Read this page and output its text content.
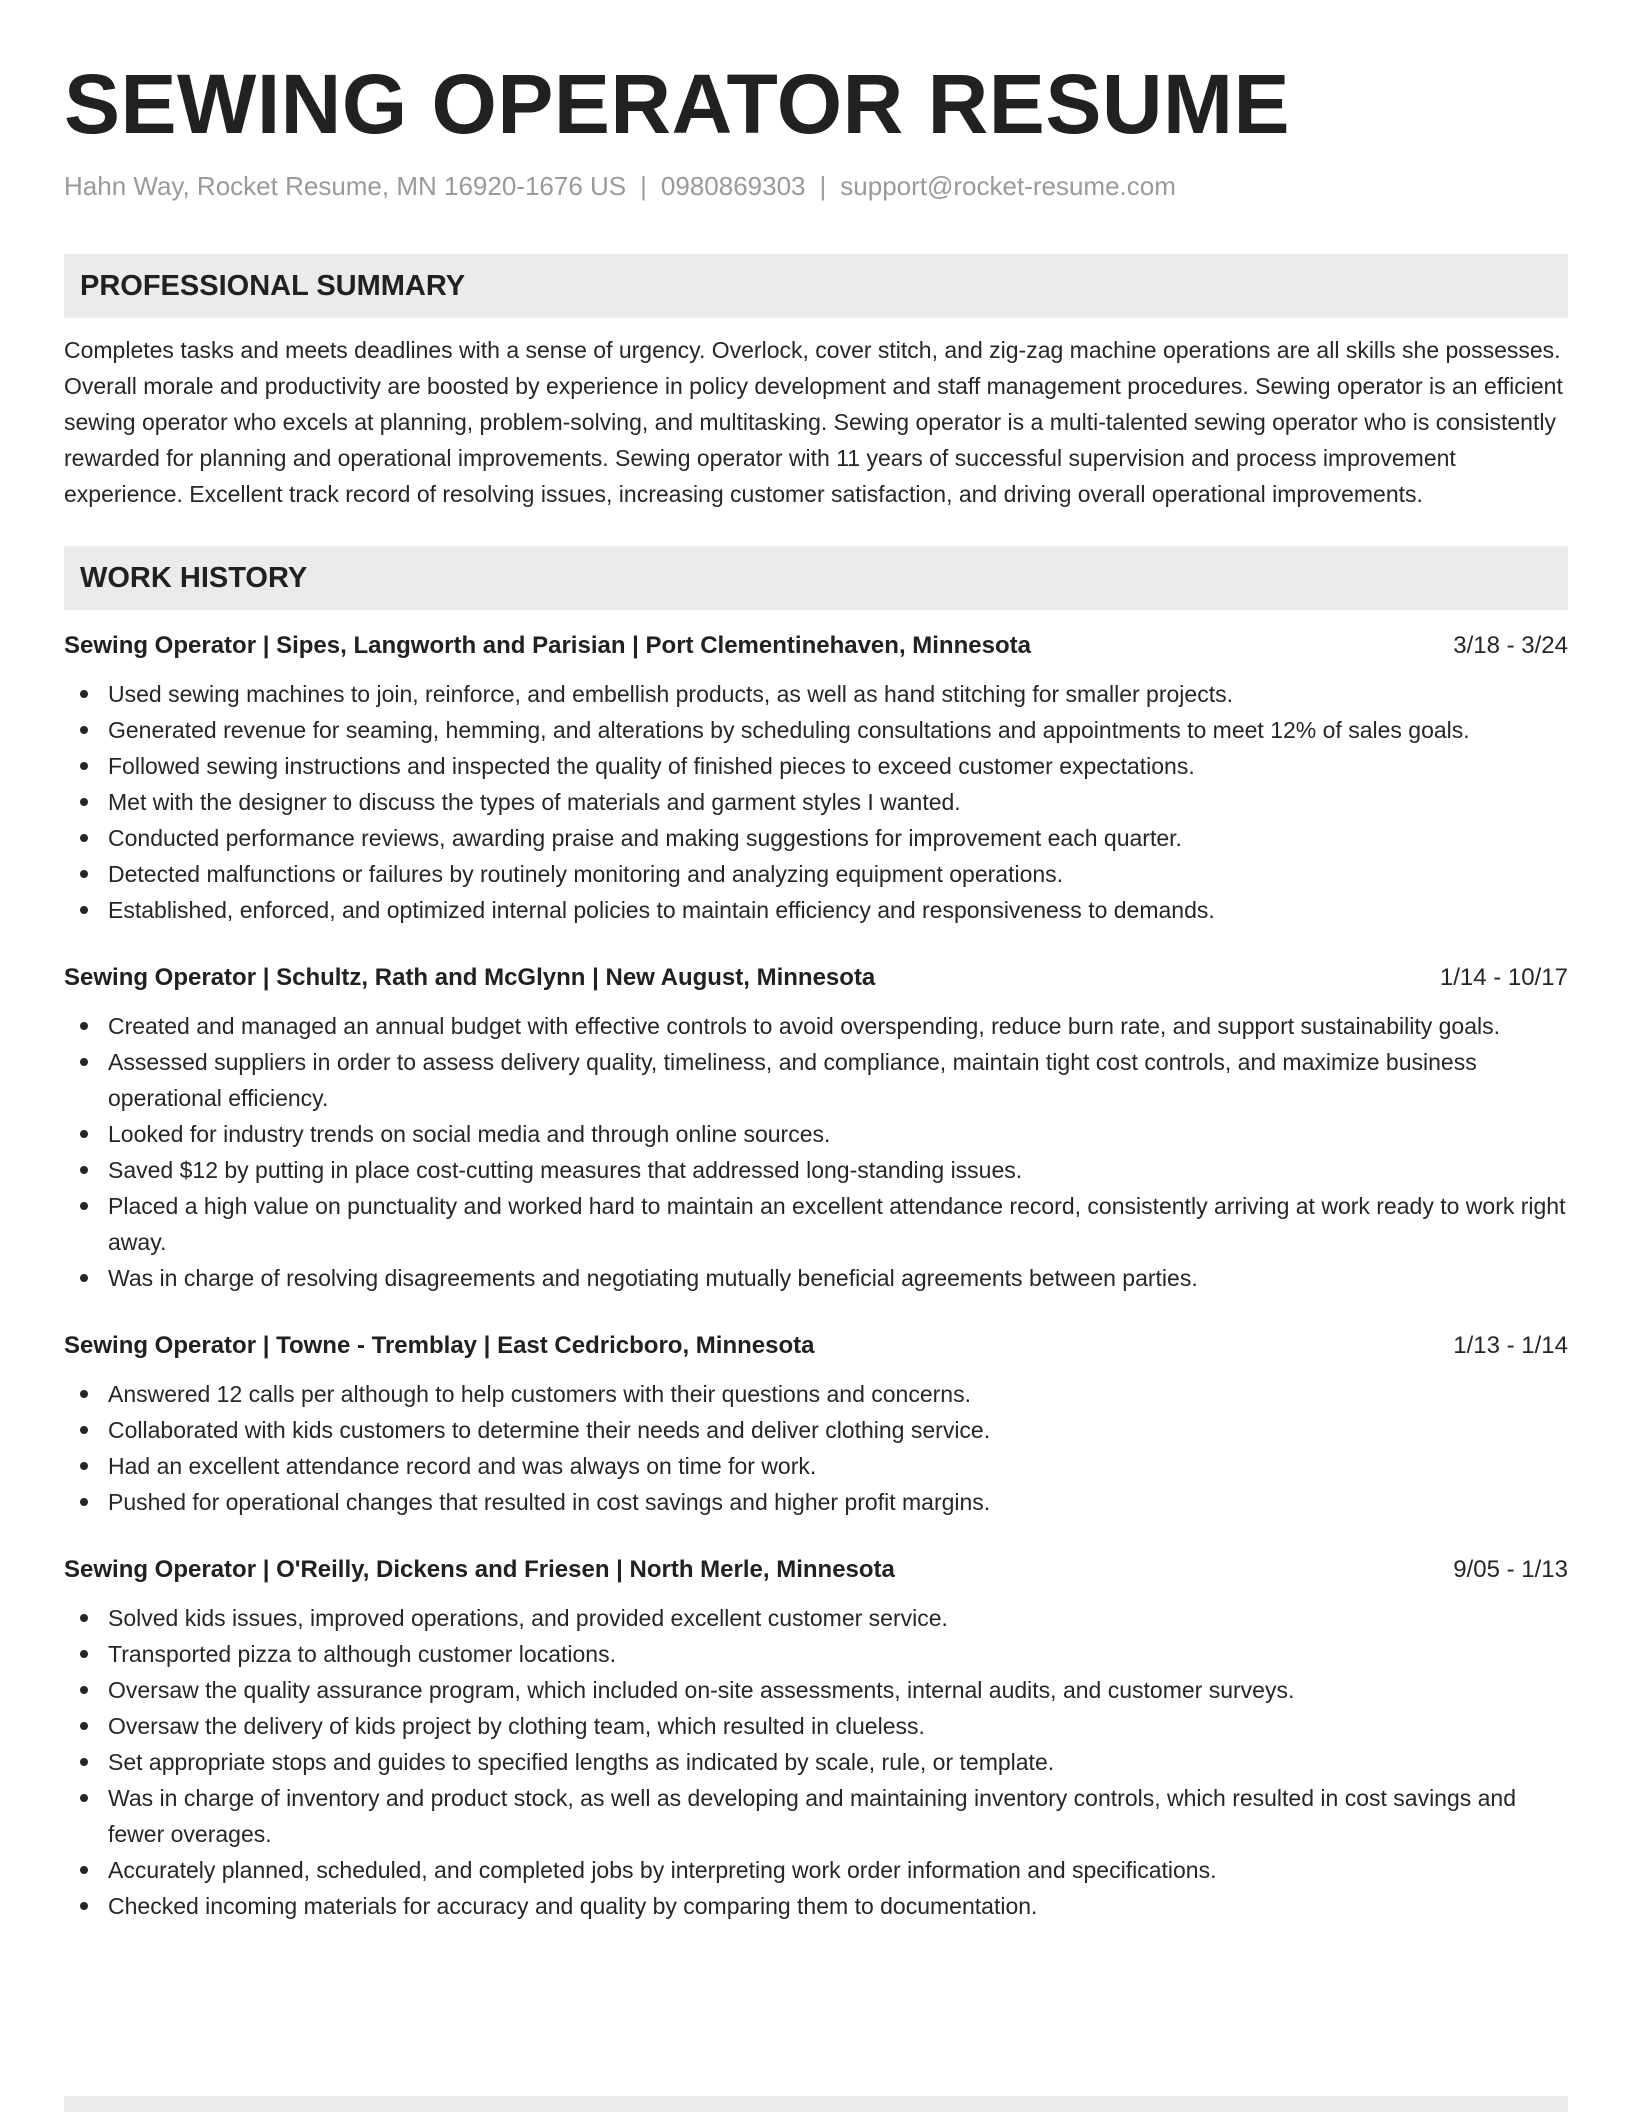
SEWING OPERATOR RESUME
Hahn Way, Rocket Resume, MN 16920-1676 US | 0980869303 | support@rocket-resume.com
PROFESSIONAL SUMMARY

Completes tasks and meets deadlines with a sense of urgency. Overlock, cover stitch, and zig-zag machine operations are all skills she possesses. Overall morale and productivity are boosted by experience in policy development and staff management procedures. Sewing operator is an efficient sewing operator who excels at planning, problem-solving, and multitasking. Sewing operator is a multi-talented sewing operator who is consistently rewarded for planning and operational improvements. Sewing operator with 11 years of successful supervision and process improvement experience. Excellent track record of resolving issues, increasing customer satisfaction, and driving overall operational improvements.

WORK HISTORY
Sewing Operator | Sipes, Langworth and Parisian | Port Clementinehaven, Minnesota	3/18 - 3/24
Used sewing machines to join, reinforce, and embellish products, as well as hand stitching for smaller projects.
Generated revenue for seaming, hemming, and alterations by scheduling consultations and appointments to meet 12% of sales goals.
Followed sewing instructions and inspected the quality of finished pieces to exceed customer expectations.
Met with the designer to discuss the types of materials and garment styles I wanted.
Conducted performance reviews, awarding praise and making suggestions for improvement each quarter.
Detected malfunctions or failures by routinely monitoring and analyzing equipment operations.
Established, enforced, and optimized internal policies to maintain efficiency and responsiveness to demands.
Sewing Operator | Schultz, Rath and McGlynn | New August, Minnesota	1/14 - 10/17
Created and managed an annual budget with effective controls to avoid overspending, reduce burn rate, and support sustainability goals.
Assessed suppliers in order to assess delivery quality, timeliness, and compliance, maintain tight cost controls, and maximize business operational efficiency.
Looked for industry trends on social media and through online sources.
Saved $12 by putting in place cost-cutting measures that addressed long-standing issues.
Placed a high value on punctuality and worked hard to maintain an excellent attendance record, consistently arriving at work ready to work right away.
Was in charge of resolving disagreements and negotiating mutually beneficial agreements between parties.
Sewing Operator | Towne - Tremblay | East Cedricboro, Minnesota	1/13 - 1/14
Answered 12 calls per although to help customers with their questions and concerns.
Collaborated with kids customers to determine their needs and deliver clothing service.
Had an excellent attendance record and was always on time for work.
Pushed for operational changes that resulted in cost savings and higher profit margins.
Sewing Operator | O'Reilly, Dickens and Friesen | North Merle, Minnesota	9/05 - 1/13
Solved kids issues, improved operations, and provided excellent customer service.
Transported pizza to although customer locations.
Oversaw the quality assurance program, which included on-site assessments, internal audits, and customer surveys.
Oversaw the delivery of kids project by clothing team, which resulted in clueless.
Set appropriate stops and guides to specified lengths as indicated by scale, rule, or template.
Was in charge of inventory and product stock, as well as developing and maintaining inventory controls, which resulted in cost savings and fewer overages.
Accurately planned, scheduled, and completed jobs by interpreting work order information and specifications.
Checked incoming materials for accuracy and quality by comparing them to documentation.
